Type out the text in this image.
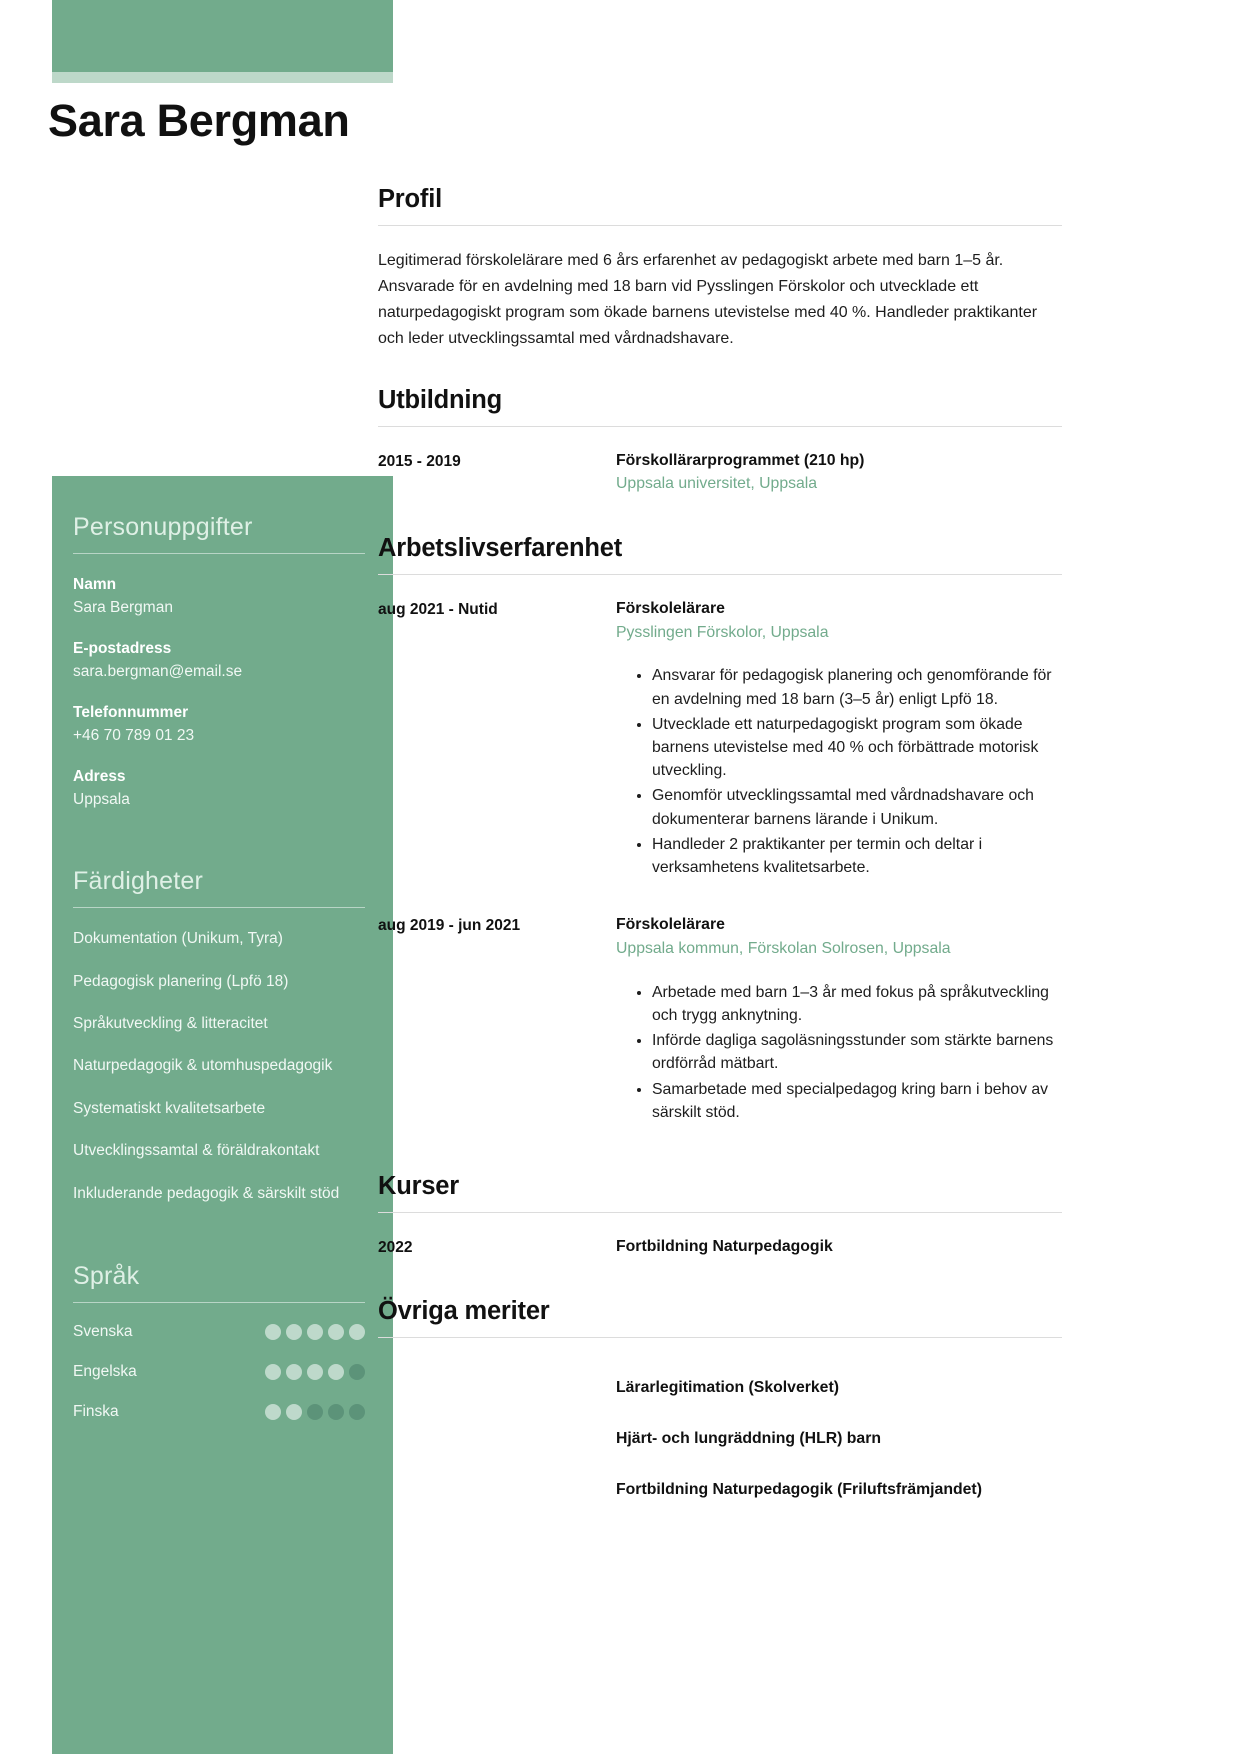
Sara Bergman
Personuppgifter
Namn
Sara Bergman
E-postadress
sara.bergman@email.se
Telefonnummer
+46 70 789 01 23
Adress
Uppsala
Färdigheter
Dokumentation (Unikum, Tyra)
Pedagogisk planering (Lpfö 18)
Språkutveckling & litteracitet
Naturpedagogik & utomhuspedagogik
Systematiskt kvalitetsarbete
Utvecklingssamtal & föräldrakontakt
Inkluderande pedagogik & särskilt stöd
Språk
Svenska
Engelska
Finska
Profil

Legitimerad förskolelärare med 6 års erfarenhet av pedagogiskt arbete med barn 1–5 år. Ansvarade för en avdelning med 18 barn vid Pysslingen Förskolor och utvecklade ett naturpedagogiskt program som ökade barnens utevistelse med 40 %. Handleder praktikanter och leder utvecklingssamtal med vårdnadshavare.

Utbildning
2015 - 2019	Förskollärarprogrammet (210 hp)
Uppsala universitet, Uppsala
Arbetslivserfarenhet
aug 2021 - Nutid	Förskolelärare
Pysslingen Förskolor, Uppsala
• Ansvarar för pedagogisk planering och genomförande för en avdelning med 18 barn (3–5 år) enligt Lpfö 18.
• Utvecklade ett naturpedagogiskt program som ökade barnens utevistelse med 40 % och förbättrade motorisk utveckling.
• Genomför utvecklingssamtal med vårdnadshavare och dokumenterar barnens lärande i Unikum.
• Handleder 2 praktikanter per termin och deltar i verksamhetens kvalitetsarbete.
aug 2019 - jun 2021	Förskolelärare
Uppsala kommun, Förskolan Solrosen, Uppsala
• Arbetade med barn 1–3 år med fokus på språkutveckling och trygg anknytning.
• Införde dagliga sagoläsningsstunder som stärkte barnens ordförråd mätbart.
• Samarbetade med specialpedagog kring barn i behov av särskilt stöd.
Kurser
2022	Fortbildning Naturpedagogik
Övriga meriter
Lärarlegitimation (Skolverket)
Hjärt- och lungräddning (HLR) barn
Fortbildning Naturpedagogik (Friluftsfrämjandet)
